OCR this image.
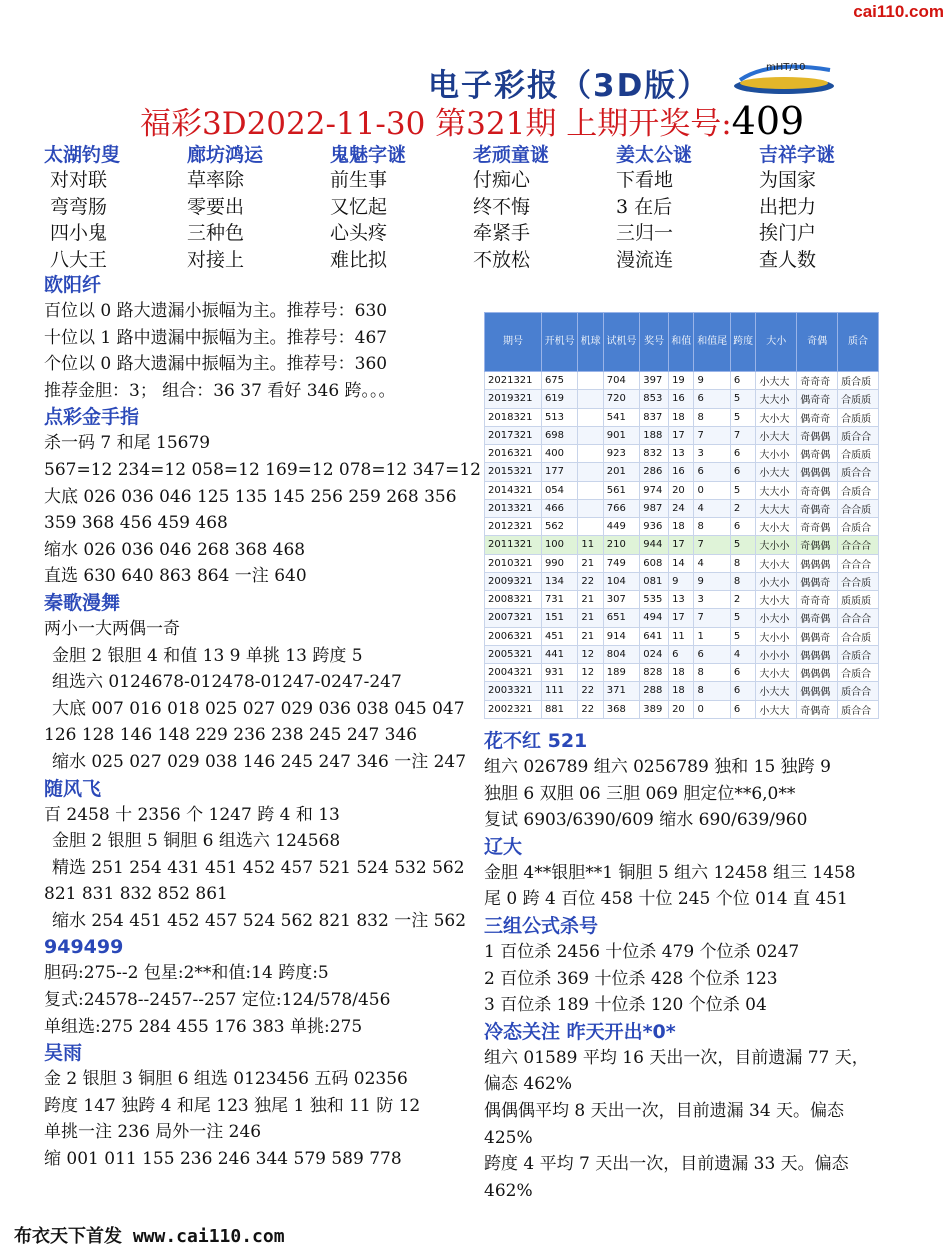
cai110.com
电子彩报（3D版）
mHT/10
福彩3D2022-11-30 第321期 上期开奖号:409
太湖钓叟
对对联
弯弯肠
四小鬼
八大王
廊坊鸿运
草率除
零要出
三种色
对接上
鬼魅字谜
前生事
又忆起
心头疼
难比拟
老顽童谜
付痴心
终不悔
牵紧手
不放松
姜太公谜
下看地
3 在后
三归一
漫流连
吉祥字谜
为国家
出把力
挨门户
查人数
欧阳纤
百位以 0 路大遗漏小振幅为主。推荐号：630
十位以 1 路中遗漏中振幅为主。推荐号：467
个位以 0 路大遗漏中振幅为主。推荐号：360
推荐金胆：3； 组合：36 37 看好 346 跨。。。
点彩金手指
杀一码 7 和尾 15679
567=12 234=12 058=12 169=12 078=12 347=12
大底 026 036 046 125 135 145 256 259 268 356
359 368 456 459 468
缩水 026 036 046 268 368 468
直选 630 640 863 864 一注 640
秦歌漫舞
两小一大两偶一奇
金胆 2 银胆 4 和值 13 9 单挑 13 跨度 5
组选六 0124678-012478-01247-0247-247
大底 007 016 018 025 027 029 036 038 045 047
126 128 146 148 229 236 238 245 247 346
缩水 025 027 029 038 146 245 247 346 一注 247
随风飞
百 2458 十 2356 个 1247 跨 4 和 13
金胆 2 银胆 5 铜胆 6 组选六 124568
精选 251 254 431 451 452 457 521 524 532 562
821 831 832 852 861
缩水 254 451 452 457 524 562 821 832 一注 562
949499
胆码:275--2 包星:2**和值:14 跨度:5
复式:24578--2457--257 定位:124/578/456
单组选:275 284 455 176 383 单挑:275
吴雨
金 2 银胆 3 铜胆 6 组选 0123456 五码 02356
跨度 147 独跨 4 和尾 123 独尾 1 独和 11 防 12
单挑一注 236 局外一注 246
缩 001 011 155 236 246 344 579 589 778
期号	开机号	机球	试机号	奖号	和值	和值尾	跨度	大小	奇偶	质合
2021321	675		704	397	19	9	6	小大大	奇奇奇	质合质
2019321	619		720	853	16	6	5	大大小	偶奇奇	合质质
2018321	513		541	837	18	8	5	大小大	偶奇奇	合质质
2017321	698		901	188	17	7	7	小大大	奇偶偶	质合合
2016321	400		923	832	13	3	6	大小小	偶奇偶	合质质
2015321	177		201	286	16	6	6	小大大	偶偶偶	质合合
2014321	054		561	974	20	0	5	大大小	奇奇偶	合质合
2013321	466		766	987	24	4	2	大大大	奇偶奇	合合质
2012321	562		449	936	18	8	6	大小大	奇奇偶	合质合
2011321	100	11	210	944	17	7	5	大小小	奇偶偶	合合合
2010321	990	21	749	608	14	4	8	大小大	偶偶偶	合合合
2009321	134	22	104	081	9	9	8	小大小	偶偶奇	合合质
2008321	731	21	307	535	13	3	2	大小大	奇奇奇	质质质
2007321	151	21	651	494	17	7	5	小大小	偶奇偶	合合合
2006321	451	21	914	641	11	1	5	大小小	偶偶奇	合合质
2005321	441	12	804	024	6	6	4	小小小	偶偶偶	合质合
2004321	931	12	189	828	18	8	6	大小大	偶偶偶	合质合
2003321	111	22	371	288	18	8	6	小大大	偶偶偶	质合合
2002321	881	22	368	389	20	0	6	小大大	奇偶奇	质合合
花不红 521
组六 026789 组六 0256789 独和 15 独跨 9
独胆 6 双胆 06 三胆 069 胆定位**6,0**
复试 6903/6390/609 缩水 690/639/960
辽大
金胆 4**银胆**1 铜胆 5 组六 12458 组三 1458
尾 0 跨 4 百位 458 十位 245 个位 014 直 451
三组公式杀号
1 百位杀 2456 十位杀 479 个位杀 0247
2 百位杀 369 十位杀 428 个位杀 123
3 百位杀 189 十位杀 120 个位杀 04
冷态关注 昨天开出*0*
组六 01589 平均 16 天出一次，目前遗漏 77 天，
偏态 462%
偶偶偶平均 8 天出一次，目前遗漏 34 天。偏态
425%
跨度 4 平均 7 天出一次，目前遗漏 33 天。偏态
462%
布衣天下首发 www.cai110.com
